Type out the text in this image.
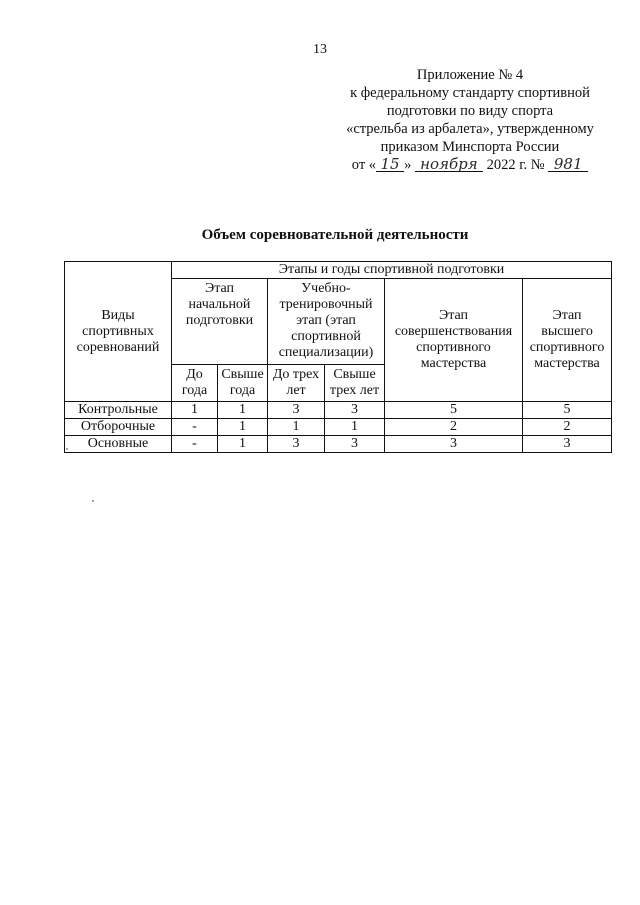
13
Приложение № 4
к федеральному стандарту спортивной
подготовки по виду спорта
«стрельба из арбалета», утвержденному
приказом Минспорта России
от « 15 » ноября 2022 г. № 981
Объем соревновательной деятельности
Виды спортивных соревнований	Этапы и годы спортивной подготовки					
	Этап начальной подготовки		Учебно-тренировочный этап (этап спортивной специализации)		Этап совершенствования спортивного мастерства	Этап высшего спортивного мастерства
	До года	Свыше года	До трех лет	Свыше трех лет		
Контрольные	1	1	3	3	5	5
Отборочные	-	1	1	1	2	2
Основные	-	1	3	3	3	3
